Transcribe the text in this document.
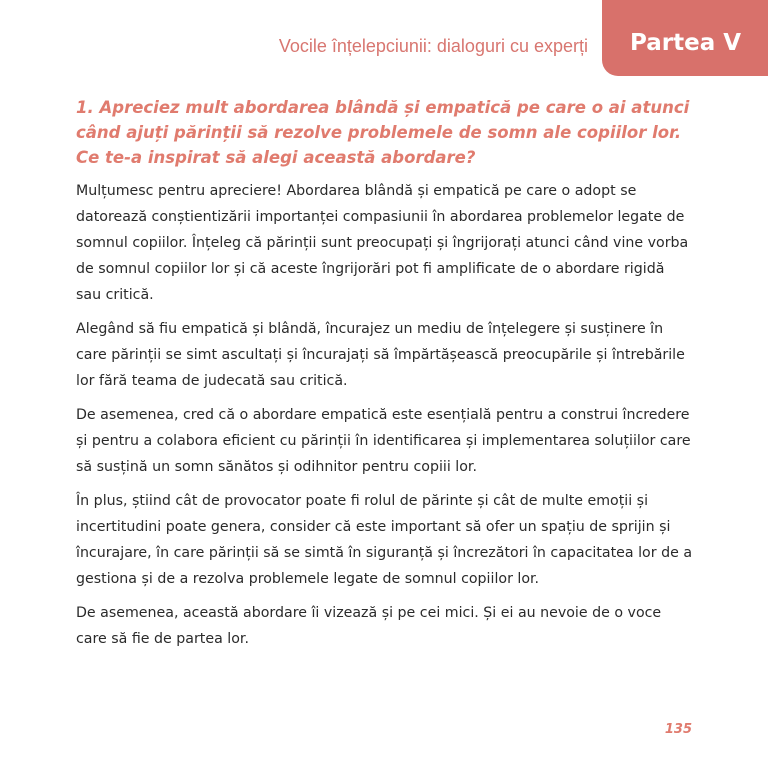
Vocile înțelepciunii: dialoguri cu experți	Partea V
1. Apreciez mult abordarea blândă și empatică pe care o ai atunci când ajuți părinții să rezolve problemele de somn ale copiilor lor. Ce te-a inspirat să alegi această abordare?

Mulțumesc pentru apreciere! Abordarea blândă și empatică pe care o adopt se datorează conștientizării importanței compasiunii în abordarea problemelor legate de somnul copiilor. Înțeleg că părinții sunt preocupați și îngrijorați atunci când vine vorba de somnul copiilor lor și că aceste îngrijorări pot fi amplificate de o abordare rigidă sau critică.

Alegând să fiu empatică și blândă, încurajez un mediu de înțelegere și susținere în care părinții se simt ascultați și încurajați să împărtășească preocupările și întrebările lor fără teama de judecată sau critică.

De asemenea, cred că o abordare empatică este esențială pentru a construi încredere și pentru a colabora eficient cu părinții în identificarea și implementarea soluțiilor care să susțină un somn sănătos și odihnitor pentru copiii lor.

În plus, știind cât de provocator poate fi rolul de părinte și cât de multe emoții și incertitudini poate genera, consider că este important să ofer un spațiu de sprijin și încurajare, în care părinții să se simtă în siguranță și încrezători în capacitatea lor de a gestiona și de a rezolva problemele legate de somnul copiilor lor.

De asemenea, această abordare îi vizează și pe cei mici. Și ei au nevoie de o voce care să fie de partea lor.

135
